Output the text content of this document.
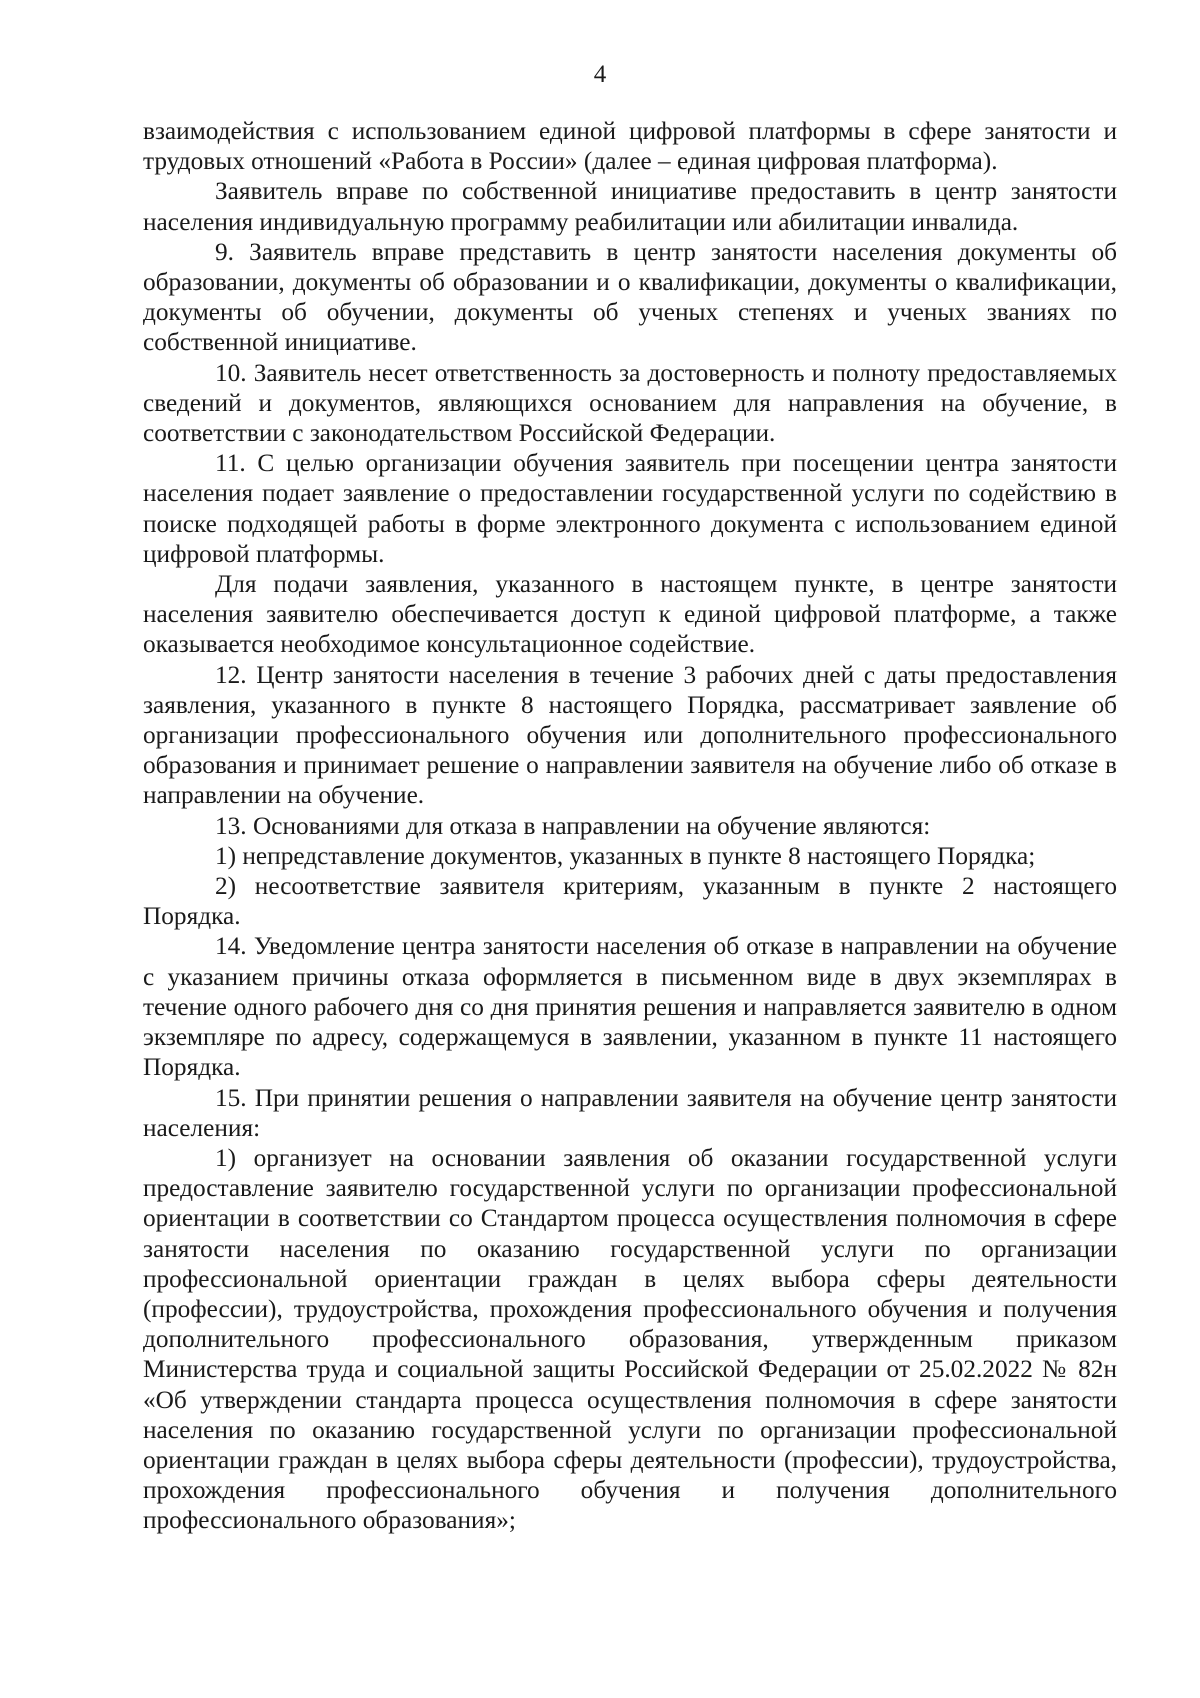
4

взаимодействия с использованием единой цифровой платформы в сфере занятости и трудовых отношений «Работа в России» (далее – единая цифровая платформа).

Заявитель вправе по собственной инициативе предоставить в центр занятости населения индивидуальную программу реабилитации или абилитации инвалида.

9. Заявитель вправе представить в центр занятости населения документы об образовании, документы об образовании и о квалификации, документы о квалификации, документы об обучении, документы об ученых степенях и ученых званиях по собственной инициативе.

10. Заявитель несет ответственность за достоверность и полноту предоставляемых сведений и документов, являющихся основанием для направления на обучение, в соответствии с законодательством Российской Федерации.

11. С целью организации обучения заявитель при посещении центра занятости населения подает заявление о предоставлении государственной услуги по содействию в поиске подходящей работы в форме электронного документа с использованием единой цифровой платформы.

Для подачи заявления, указанного в настоящем пункте, в центре занятости населения заявителю обеспечивается доступ к единой цифровой платформе, а также оказывается необходимое консультационное содействие.

12. Центр занятости населения в течение 3 рабочих дней с даты предоставления заявления, указанного в пункте 8 настоящего Порядка, рассматривает заявление об организации профессионального обучения или дополнительного профессионального образования и принимает решение о направлении заявителя на обучение либо об отказе в направлении на обучение.

13. Основаниями для отказа в направлении на обучение являются:

1) непредставление документов, указанных в пункте 8 настоящего Порядка;

2) несоответствие заявителя критериям, указанным в пункте 2 настоящего Порядка.

14. Уведомление центра занятости населения об отказе в направлении на обучение с указанием причины отказа оформляется в письменном виде в двух экземплярах в течение одного рабочего дня со дня принятия решения и направляется заявителю в одном экземпляре по адресу, содержащемуся в заявлении, указанном в пункте 11 настоящего Порядка.

15. При принятии решения о направлении заявителя на обучение центр занятости населения:

1) организует на основании заявления об оказании государственной услуги предоставление заявителю государственной услуги по организации профессиональной ориентации в соответствии со Стандартом процесса осуществления полномочия в сфере занятости населения по оказанию государственной услуги по организации профессиональной ориентации граждан в целях выбора сферы деятельности (профессии), трудоустройства, прохождения профессионального обучения и получения дополнительного профессионального образования, утвержденным приказом Министерства труда и социальной защиты Российской Федерации от 25.02.2022 № 82н «Об утверждении стандарта процесса осуществления полномочия в сфере занятости населения по оказанию государственной услуги по организации профессиональной ориентации граждан в целях выбора сферы деятельности (профессии), трудоустройства, прохождения профессионального обучения и получения дополнительного профессионального образования»;
